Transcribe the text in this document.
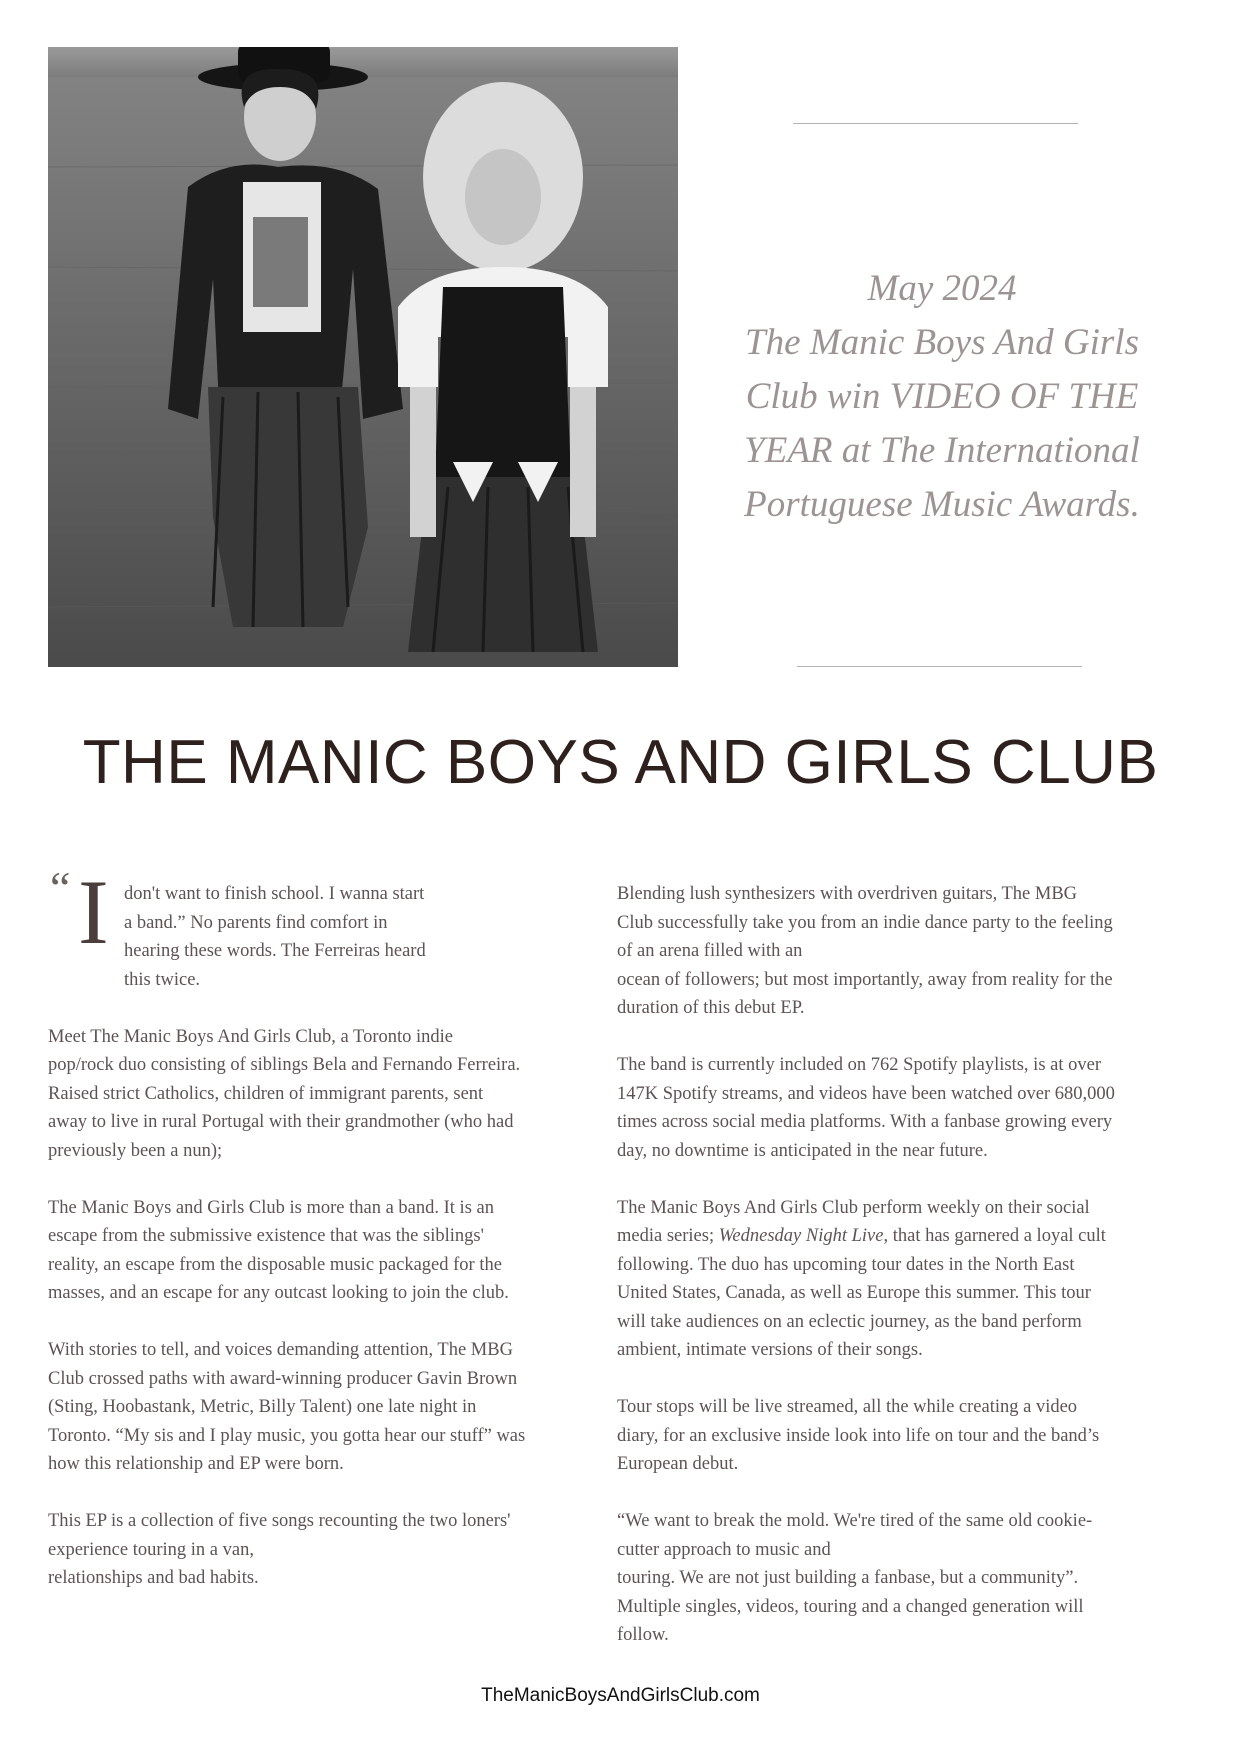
May 2024
The Manic Boys And Girls
Club win VIDEO OF THE
YEAR at The International
Portuguese Music Awards.
THE MANIC BOYS AND GIRLS CLUB
“ I don't want to finish school. I wanna start
a band.” No parents find comfort in
hearing these words. The Ferreiras heard
this twice.

Meet The Manic Boys And Girls Club, a Toronto indie
pop/rock duo consisting of siblings Bela and Fernando Ferreira.
Raised strict Catholics, children of immigrant parents, sent
away to live in rural Portugal with their grandmother (who had
previously been a nun);

The Manic Boys and Girls Club is more than a band. It is an
escape from the submissive existence that was the siblings'
reality, an escape from the disposable music packaged for the
masses, and an escape for any outcast looking to join the club.

With stories to tell, and voices demanding attention, The MBG
Club crossed paths with award-winning producer Gavin Brown
(Sting, Hoobastank, Metric, Billy Talent) one late night in
Toronto. “My sis and I play music, you gotta hear our stuff” was
how this relationship and EP were born.

This EP is a collection of five songs recounting the two loners'
experience touring in a van,
relationships and bad habits.

Blending lush synthesizers with overdriven guitars, The MBG
Club successfully take you from an indie dance party to the feeling
of an arena filled with an
ocean of followers; but most importantly, away from reality for the
duration of this debut EP.

The band is currently included on 762 Spotify playlists, is at over
147K Spotify streams, and videos have been watched over 680,000
times across social media platforms. With a fanbase growing every
day, no downtime is anticipated in the near future.

The Manic Boys And Girls Club perform weekly on their social
media series; Wednesday Night Live, that has garnered a loyal cult
following. The duo has upcoming tour dates in the North East
United States, Canada, as well as Europe this summer. This tour
will take audiences on an eclectic journey, as the band perform
ambient, intimate versions of their songs.

Tour stops will be live streamed, all the while creating a video
diary, for an exclusive inside look into life on tour and the band’s
European debut.

“We want to break the mold. We're tired of the same old cookie-
cutter approach to music and
touring. We are not just building a fanbase, but a community”.
Multiple singles, videos, touring and a changed generation will
follow.

TheManicBoysAndGirlsClub.com
